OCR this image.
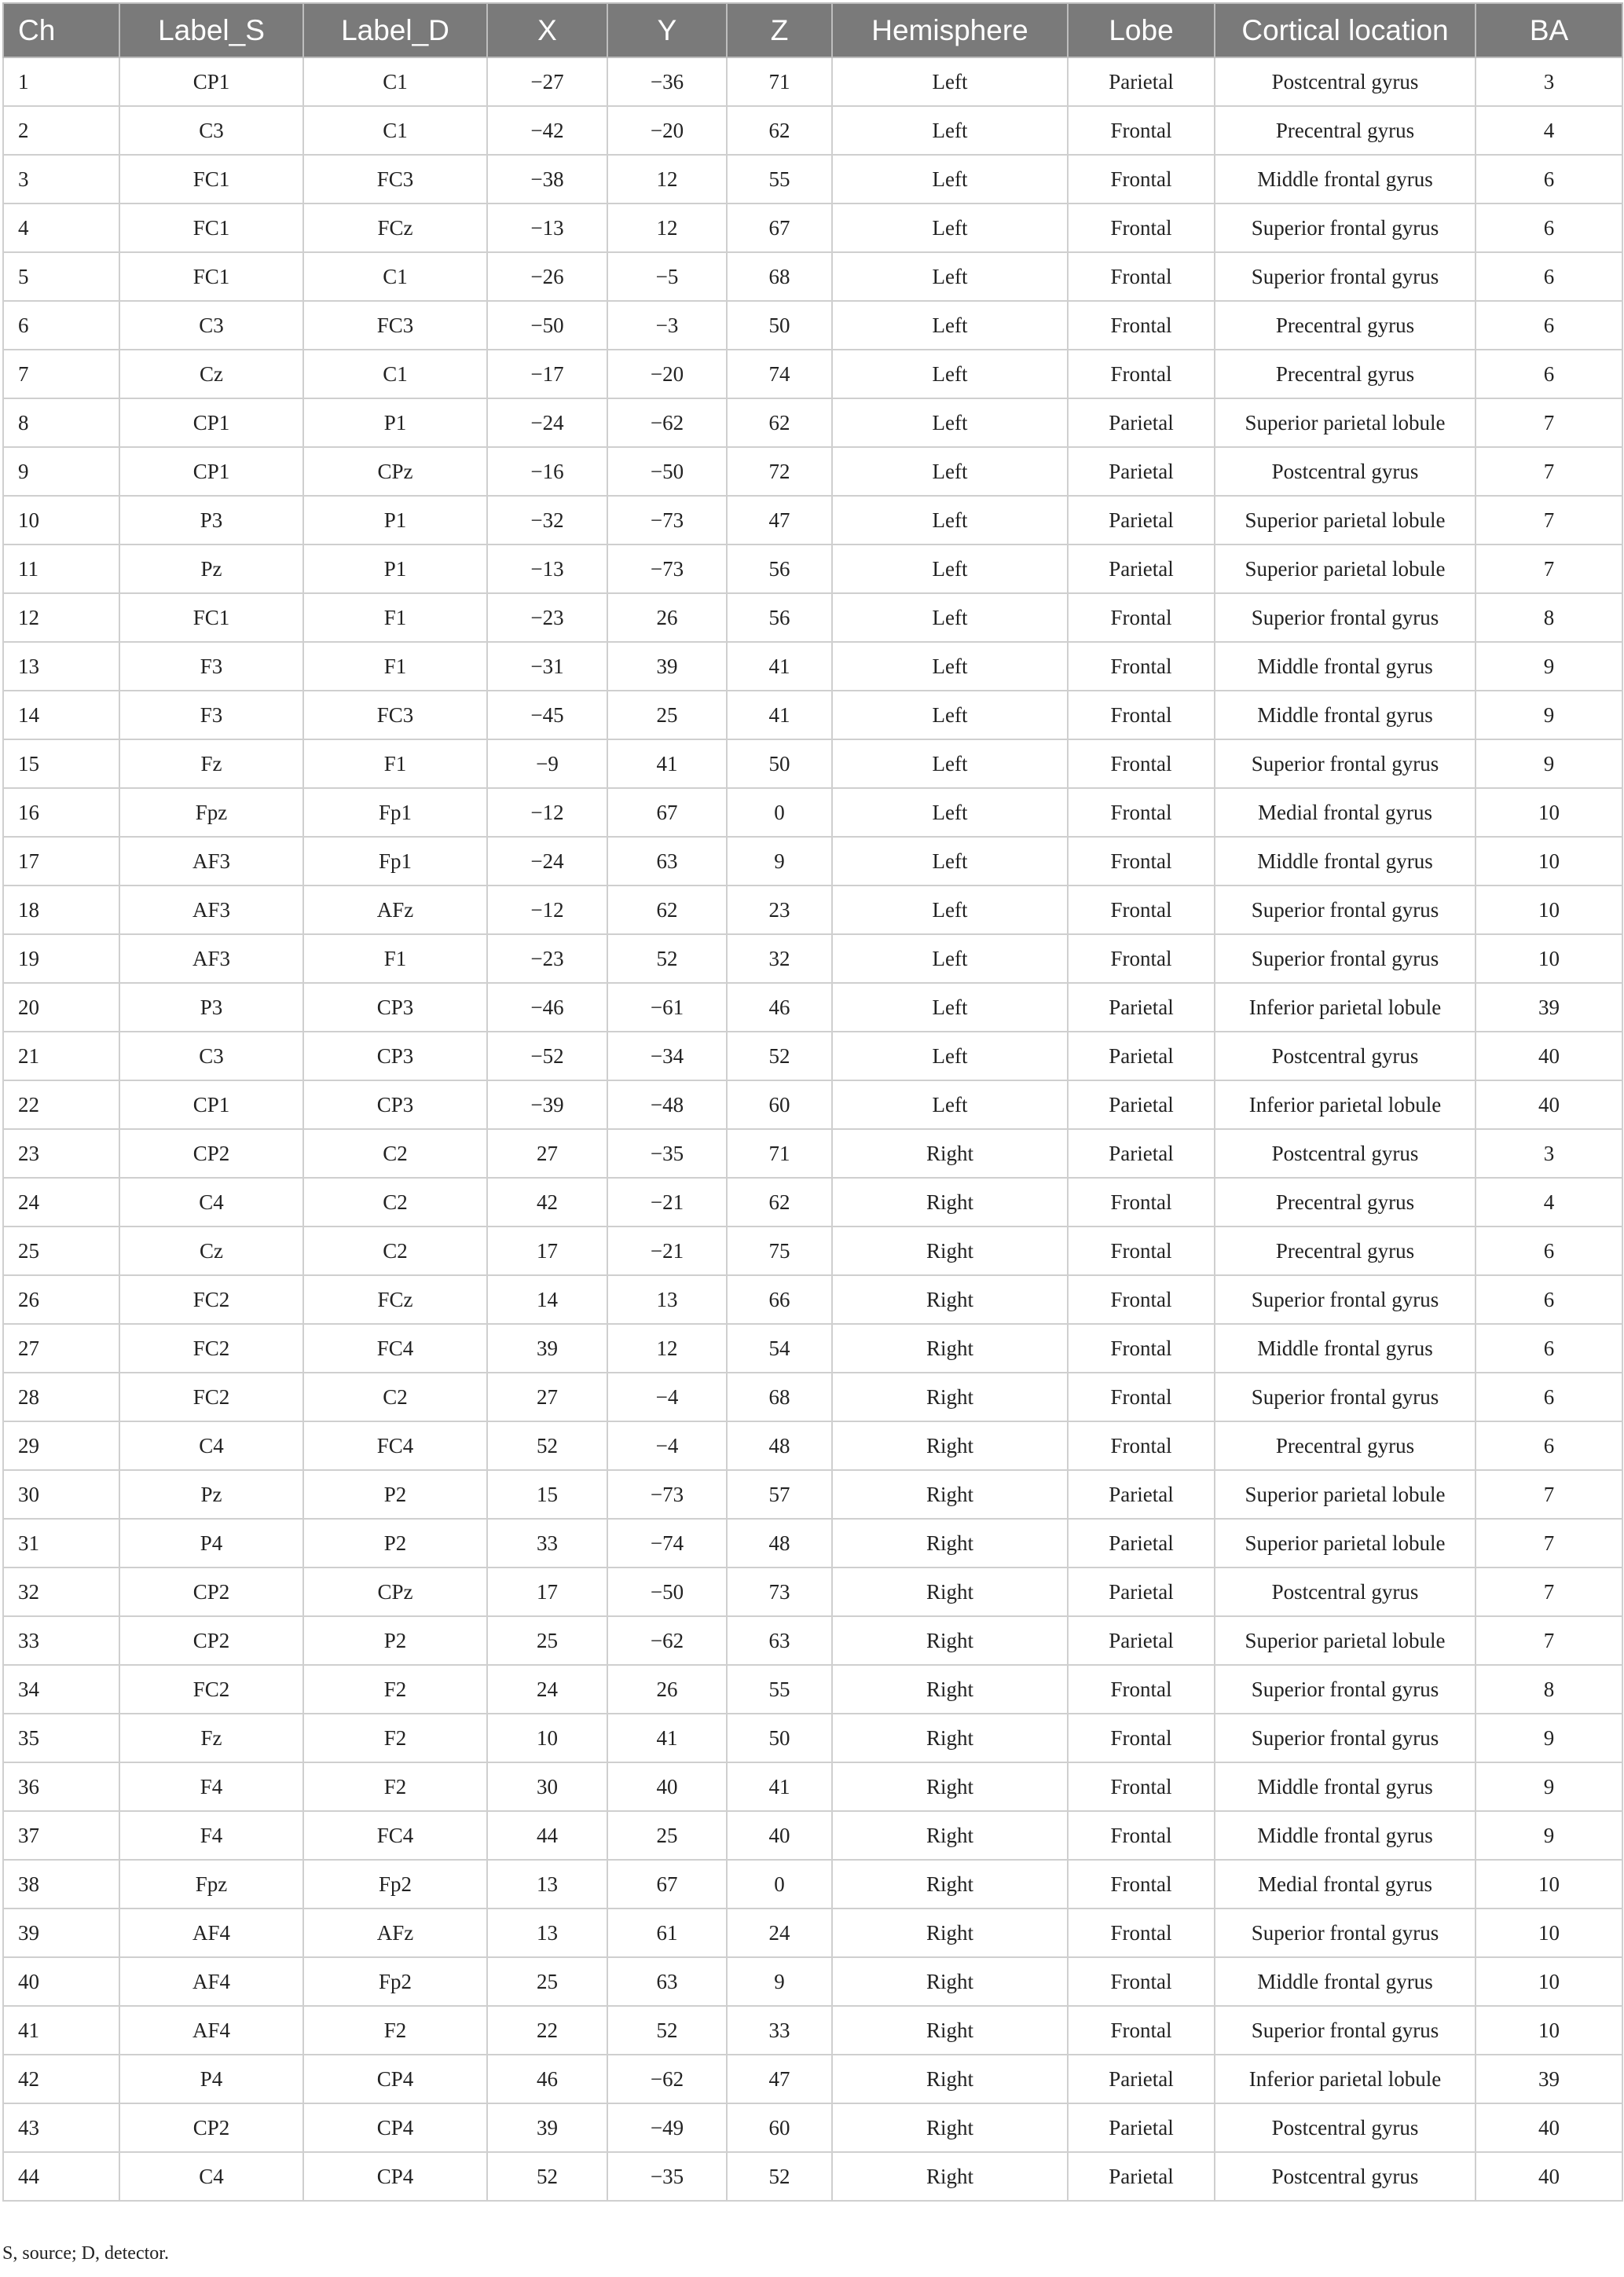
Ch	Label_S	Label_D	X	Y	Z	Hemisphere	Lobe	Cortical location	BA
1	CP1	C1	−27	−36	71	Left	Parietal	Postcentral gyrus	3
2	C3	C1	−42	−20	62	Left	Frontal	Precentral gyrus	4
3	FC1	FC3	−38	12	55	Left	Frontal	Middle frontal gyrus	6
4	FC1	FCz	−13	12	67	Left	Frontal	Superior frontal gyrus	6
5	FC1	C1	−26	−5	68	Left	Frontal	Superior frontal gyrus	6
6	C3	FC3	−50	−3	50	Left	Frontal	Precentral gyrus	6
7	Cz	C1	−17	−20	74	Left	Frontal	Precentral gyrus	6
8	CP1	P1	−24	−62	62	Left	Parietal	Superior parietal lobule	7
9	CP1	CPz	−16	−50	72	Left	Parietal	Postcentral gyrus	7
10	P3	P1	−32	−73	47	Left	Parietal	Superior parietal lobule	7
11	Pz	P1	−13	−73	56	Left	Parietal	Superior parietal lobule	7
12	FC1	F1	−23	26	56	Left	Frontal	Superior frontal gyrus	8
13	F3	F1	−31	39	41	Left	Frontal	Middle frontal gyrus	9
14	F3	FC3	−45	25	41	Left	Frontal	Middle frontal gyrus	9
15	Fz	F1	−9	41	50	Left	Frontal	Superior frontal gyrus	9
16	Fpz	Fp1	−12	67	0	Left	Frontal	Medial frontal gyrus	10
17	AF3	Fp1	−24	63	9	Left	Frontal	Middle frontal gyrus	10
18	AF3	AFz	−12	62	23	Left	Frontal	Superior frontal gyrus	10
19	AF3	F1	−23	52	32	Left	Frontal	Superior frontal gyrus	10
20	P3	CP3	−46	−61	46	Left	Parietal	Inferior parietal lobule	39
21	C3	CP3	−52	−34	52	Left	Parietal	Postcentral gyrus	40
22	CP1	CP3	−39	−48	60	Left	Parietal	Inferior parietal lobule	40
23	CP2	C2	27	−35	71	Right	Parietal	Postcentral gyrus	3
24	C4	C2	42	−21	62	Right	Frontal	Precentral gyrus	4
25	Cz	C2	17	−21	75	Right	Frontal	Precentral gyrus	6
26	FC2	FCz	14	13	66	Right	Frontal	Superior frontal gyrus	6
27	FC2	FC4	39	12	54	Right	Frontal	Middle frontal gyrus	6
28	FC2	C2	27	−4	68	Right	Frontal	Superior frontal gyrus	6
29	C4	FC4	52	−4	48	Right	Frontal	Precentral gyrus	6
30	Pz	P2	15	−73	57	Right	Parietal	Superior parietal lobule	7
31	P4	P2	33	−74	48	Right	Parietal	Superior parietal lobule	7
32	CP2	CPz	17	−50	73	Right	Parietal	Postcentral gyrus	7
33	CP2	P2	25	−62	63	Right	Parietal	Superior parietal lobule	7
34	FC2	F2	24	26	55	Right	Frontal	Superior frontal gyrus	8
35	Fz	F2	10	41	50	Right	Frontal	Superior frontal gyrus	9
36	F4	F2	30	40	41	Right	Frontal	Middle frontal gyrus	9
37	F4	FC4	44	25	40	Right	Frontal	Middle frontal gyrus	9
38	Fpz	Fp2	13	67	0	Right	Frontal	Medial frontal gyrus	10
39	AF4	AFz	13	61	24	Right	Frontal	Superior frontal gyrus	10
40	AF4	Fp2	25	63	9	Right	Frontal	Middle frontal gyrus	10
41	AF4	F2	22	52	33	Right	Frontal	Superior frontal gyrus	10
42	P4	CP4	46	−62	47	Right	Parietal	Inferior parietal lobule	39
43	CP2	CP4	39	−49	60	Right	Parietal	Postcentral gyrus	40
44	C4	CP4	52	−35	52	Right	Parietal	Postcentral gyrus	40
S, source; D, detector.
